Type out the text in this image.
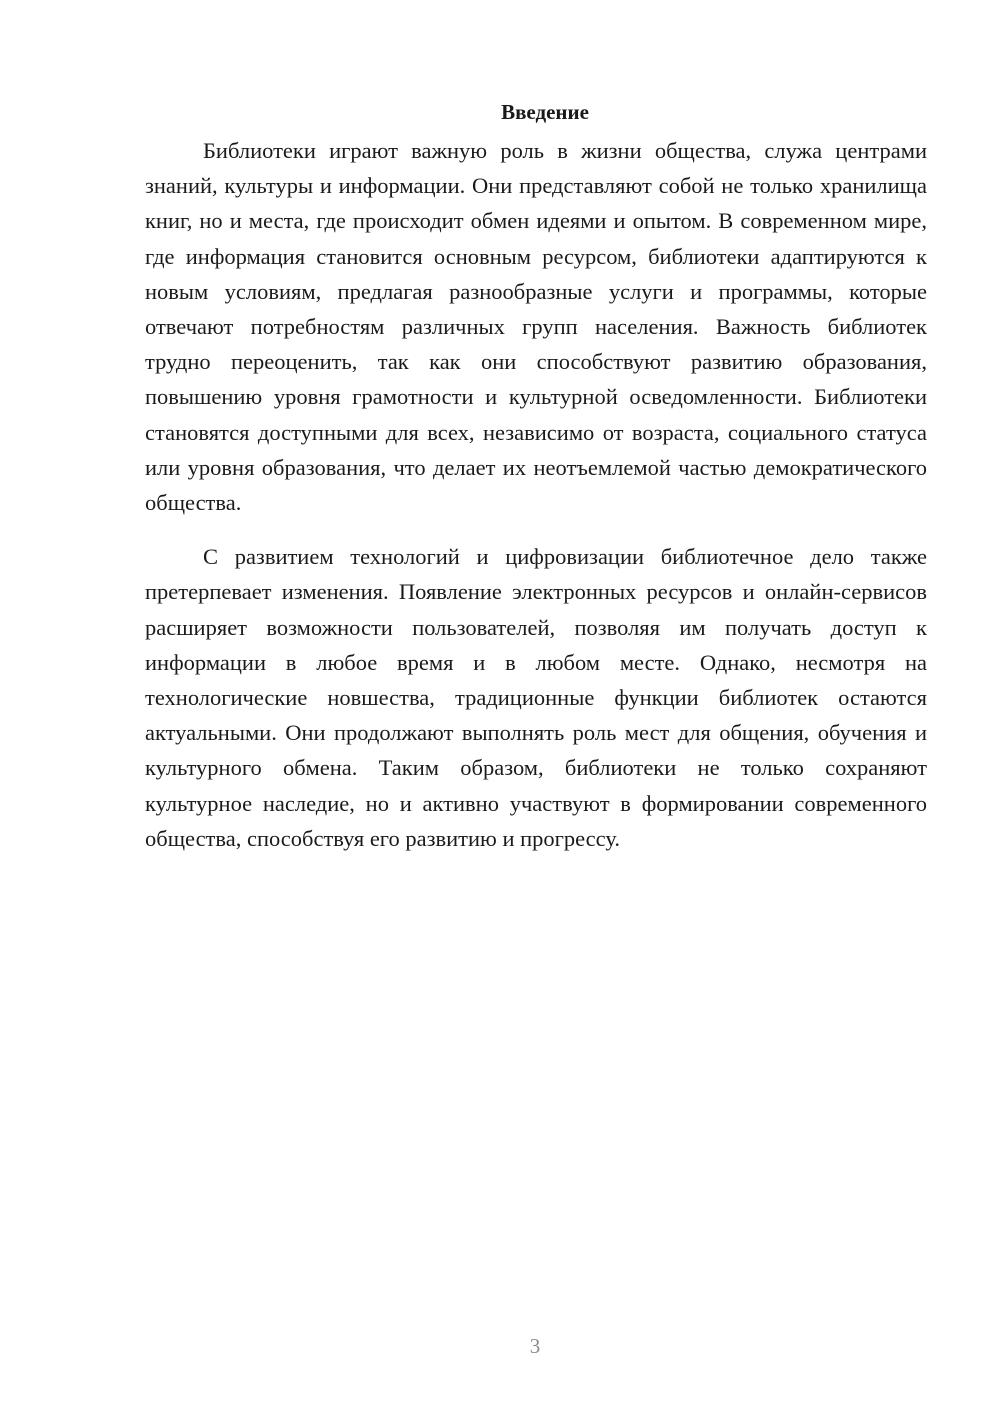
Введение

Библиотеки играют важную роль в жизни общества, служа центрами знаний, культуры и информации. Они представляют собой не только хранилища книг, но и места, где происходит обмен идеями и опытом. В современном мире, где информация становится основным ресурсом, библиотеки адаптируются к новым условиям, предлагая разнообразные услуги и программы, которые отвечают потребностям различных групп населения. Важность библиотек трудно переоценить, так как они способствуют развитию образования, повышению уровня грамотности и культурной осведомленности. Библиотеки становятся доступными для всех, независимо от возраста, социального статуса или уровня образования, что делает их неотъемлемой частью демократического общества.

С развитием технологий и цифровизации библиотечное дело также претерпевает изменения. Появление электронных ресурсов и онлайн-сервисов расширяет возможности пользователей, позволяя им получать доступ к информации в любое время и в любом месте. Однако, несмотря на технологические новшества, традиционные функции библиотек остаются актуальными. Они продолжают выполнять роль мест для общения, обучения и культурного обмена. Таким образом, библиотеки не только сохраняют культурное наследие, но и активно участвуют в формировании современного общества, способствуя его развитию и прогрессу.

3
